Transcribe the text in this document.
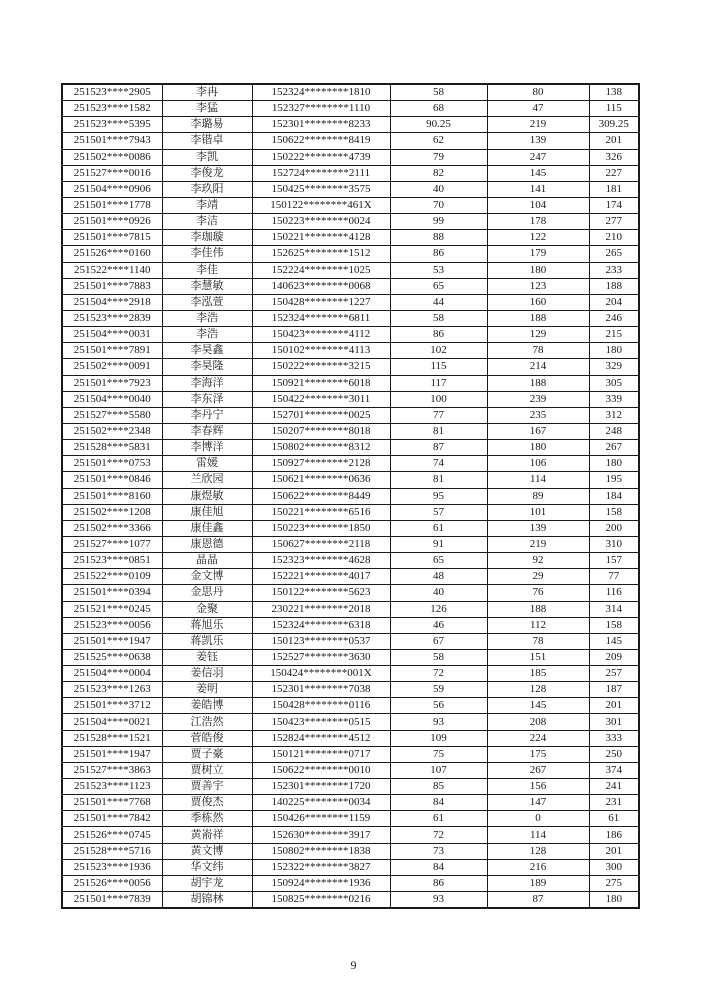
251523****2905	李冉	152324********1810	58	80	138
251523****1582	李猛	152327********1110	68	47	115
251523****5395	李璐易	152301********8233	90.25	219	309.25
251501****7943	李锴卓	150622********8419	62	139	201
251502****0086	李凯	150222********4739	79	247	326
251527****0016	李俊龙	152724********2111	82	145	227
251504****0906	李玖阳	150425********3575	40	141	181
251501****1778	李靖	150122********461X	70	104	174
251501****0926	李洁	150223********0024	99	178	277
251501****7815	李珈璇	150221********4128	88	122	210
251526****0160	李佳伟	152625********1512	86	179	265
251522****1140	李佳	152224********1025	53	180	233
251501****7883	李慧敏	140623********0068	65	123	188
251504****2918	李泓萱	150428********1227	44	160	204
251523****2839	李浩	152324********6811	58	188	246
251504****0031	李浩	150423********4112	86	129	215
251501****7891	李昊鑫	150102********4113	102	78	180
251502****0091	李昊隆	150222********3215	115	214	329
251501****7923	李海洋	150921********6018	117	188	305
251504****0040	李东泽	150422********3011	100	239	339
251527****5580	李丹宁	152701********0025	77	235	312
251502****2348	李春辉	150207********8018	81	167	248
251528****5831	李博洋	150802********8312	87	180	267
251501****0753	雷媛	150927********2128	74	106	180
251501****0846	兰欣园	150621********0636	81	114	195
251501****8160	康煜敏	150622********8449	95	89	184
251502****1208	康佳旭	150221********6516	57	101	158
251502****3366	康佳鑫	150223********1850	61	139	200
251527****1077	康恩德	150627********2118	91	219	310
251523****0851	晶晶	152323********4628	65	92	157
251522****0109	金文博	152221********4017	48	29	77
251501****0394	金思丹	150122********5623	40	76	116
251521****0245	金聚	230221********2018	126	188	314
251523****0056	蒋旭乐	152324********6318	46	112	158
251501****1947	蒋凯乐	150123********0537	67	78	145
251525****0638	姜钰	152527********3630	58	151	209
251504****0004	姜信羽	150424********001X	72	185	257
251523****1263	姜明	152301********7038	59	128	187
251501****3712	姜皓博	150428********0116	56	145	201
251504****0021	江浩然	150423********0515	93	208	301
251528****1521	菅皓俊	152824********4512	109	224	333
251501****1947	贾子豪	150121********0717	75	175	250
251527****3863	贾树立	150622********0010	107	267	374
251523****1123	贾善宇	152301********1720	85	156	241
251501****7768	贾俊杰	140225********0034	84	147	231
251501****7842	季栋然	150426********1159	61	0	61
251526****0745	黄嵛祥	152630********3917	72	114	186
251528****5716	黄文博	150802********1838	73	128	201
251523****1936	华文纬	152322********3827	84	216	300
251526****0056	胡宇龙	150924********1936	86	189	275
251501****7839	胡锦林	150825********0216	93	87	180
9
